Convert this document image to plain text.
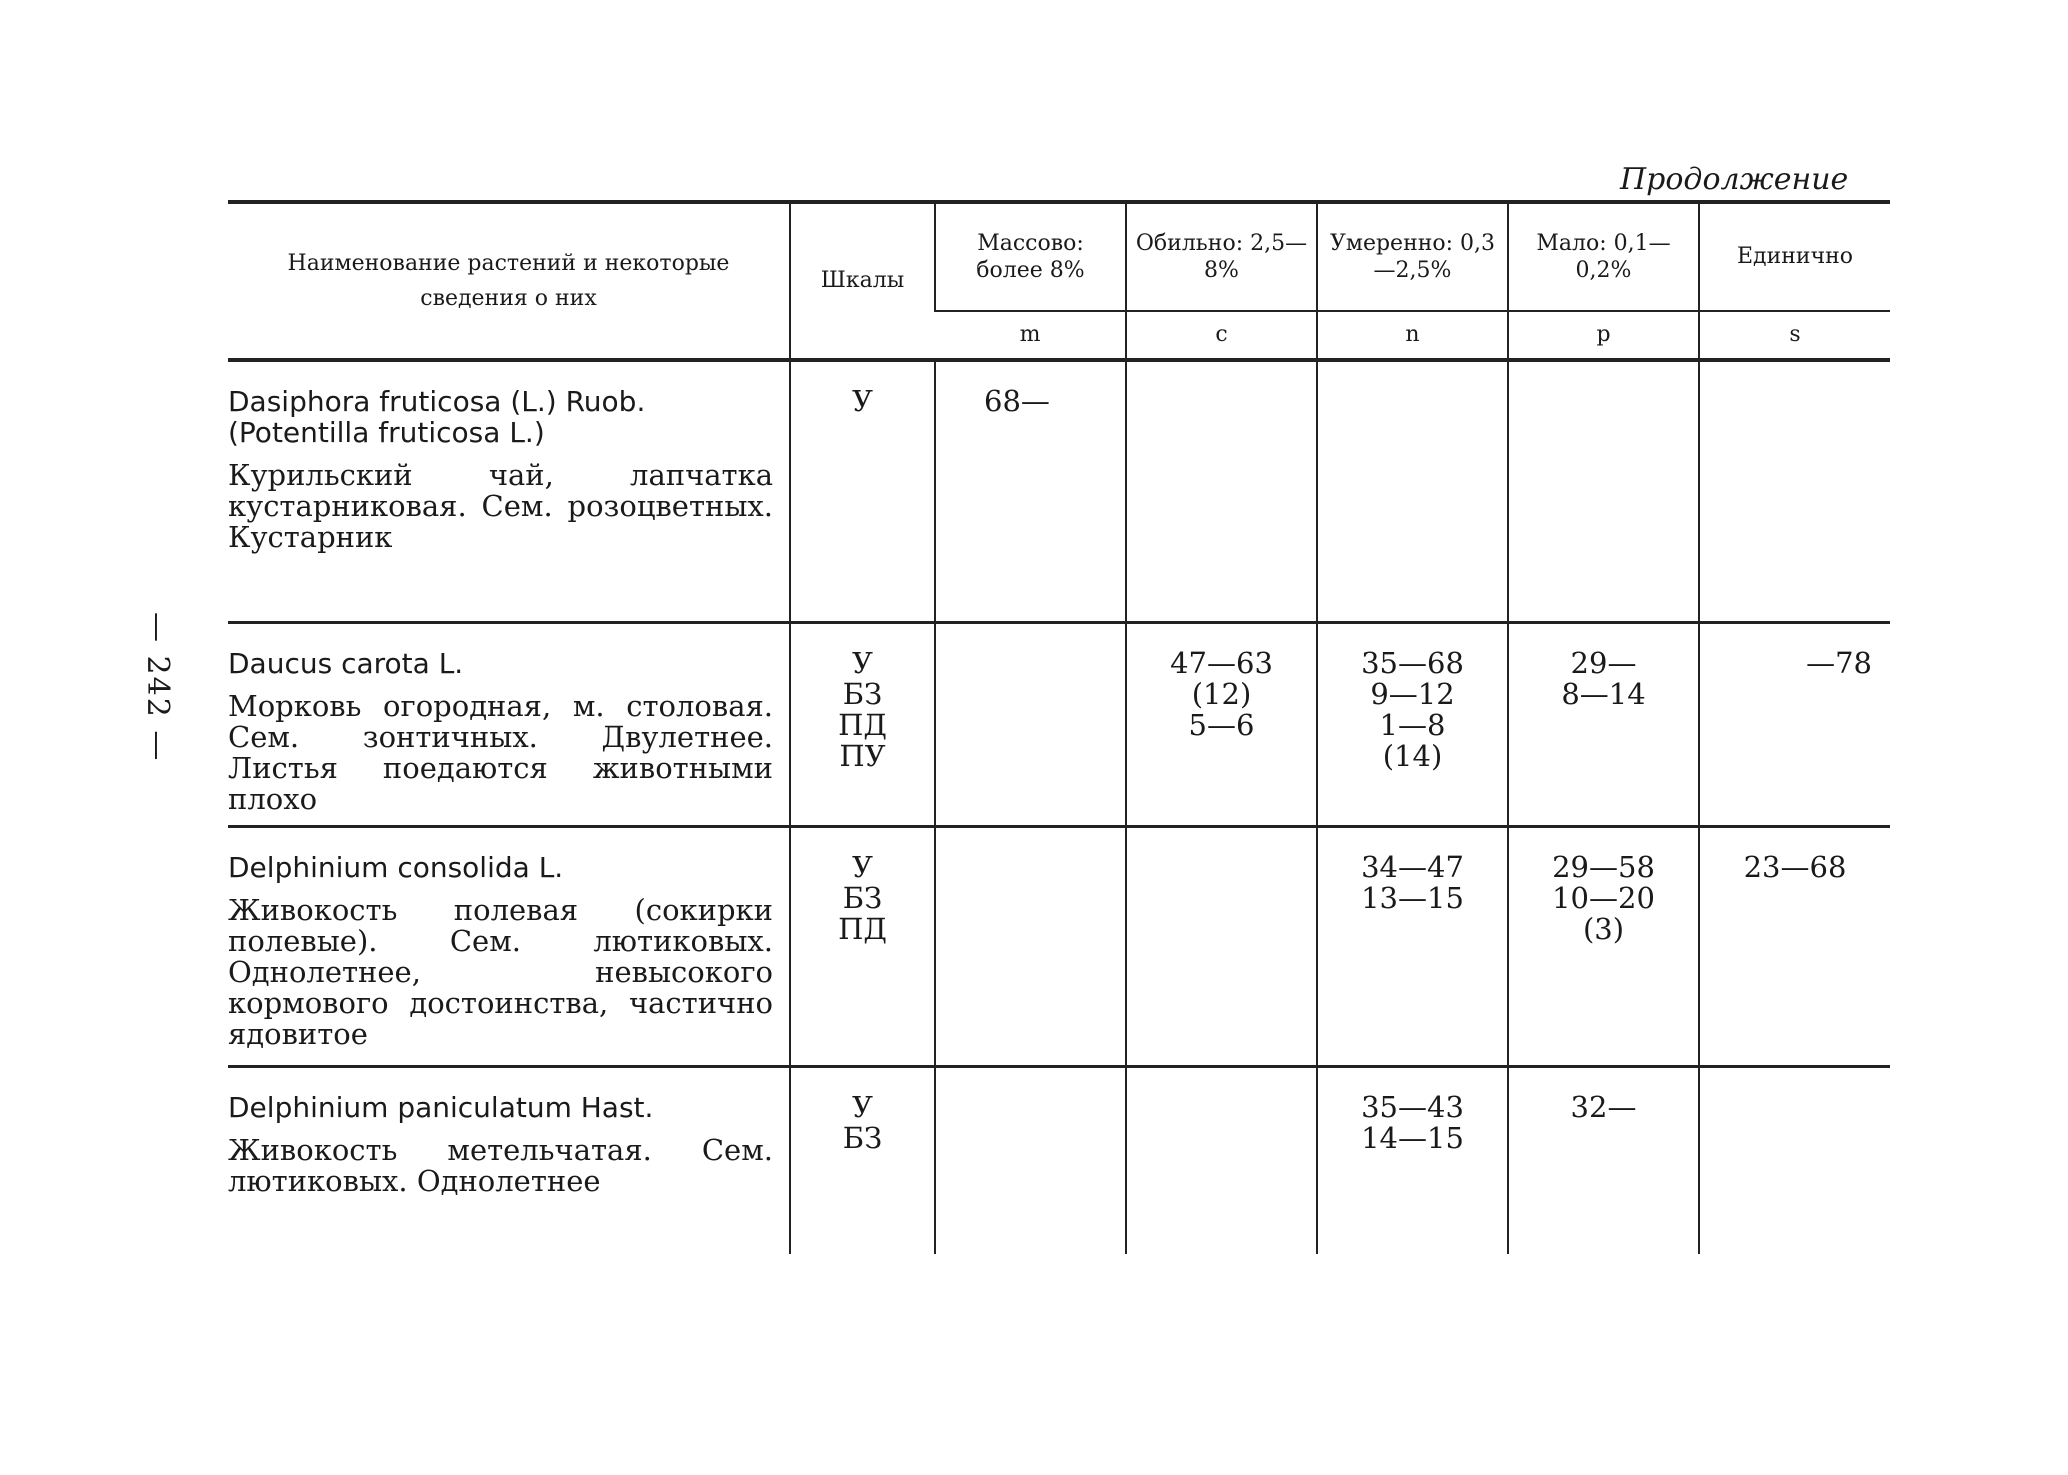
— 242 —
Продолжение
Наименование растений и некоторые сведения о них	Шкалы	Массово: более 8%	Обильно: 2,5—8%	Умеренно: 0,3—2,5%	Мало: 0,1—0,2%	Единично
		m	c	n	p	s

Dasiphora fruticosa (L.) Ruob. (Potentilla fruticosa L.)
Курильский чай, лапчатка кустарниковая. Сем. розоцветных. Кустарник	У	68—				

Daucus carota L.
Морковь огородная, м. столовая. Сем. зонтичных. Двулетнее. Листья поедаются животными плохо	У
БЗ
ПД
ПУ		47—63
(12)
5—6	35—68
9—12
1—8
(14)	29—
8—14	—78

Delphinium consolida L.
Живокость полевая (сокирки полевые). Сем. лютиковых. Однолетнее, невысокого кормового достоинства, частично ядовитое	У
БЗ
ПД			34—47
13—15	29—58
10—20
(3)	23—68

Delphinium paniculatum Hast.
Живокость метельчатая. Сем. лютиковых. Однолетнее	У
БЗ			35—43
14—15	32—	
